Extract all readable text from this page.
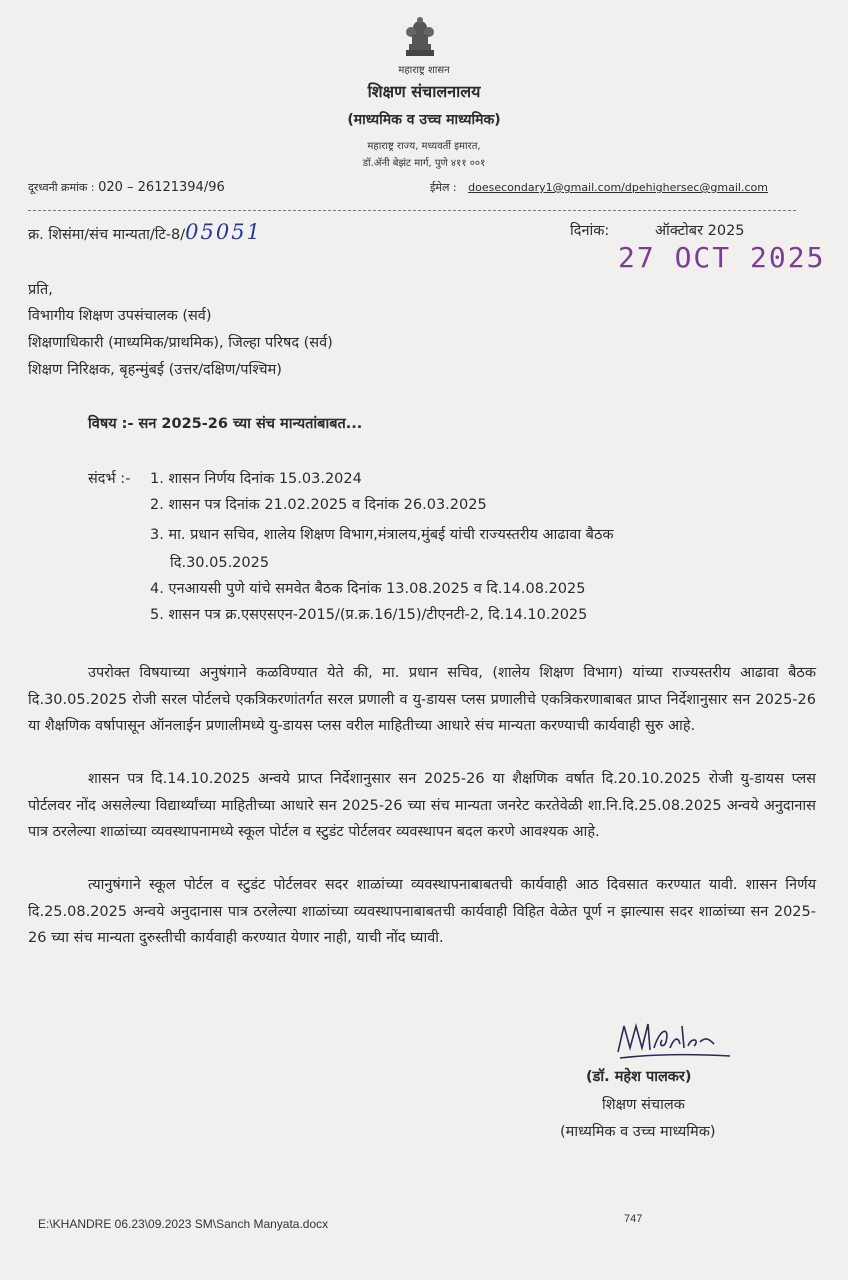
महाराष्ट्र शासन
शिक्षण संचालनालय
(माध्यमिक व उच्च माध्यमिक)
महाराष्ट्र राज्य, मध्यवर्ती इमारत,
डॉ.ॲनी बेझंट मार्ग, पुणे ४११ ००१
दूरध्वनी क्रमांक : 020 – 26121394/96	ईमेल : doesecondary1@gmail.com/dpehighersec@gmail.com
क्र. शिसंमा/संच मान्यता/टि-8/05051	दिनांक:	ऑक्टोबर 2025
27 OCT 2025
प्रति,
विभागीय शिक्षण उपसंचालक (सर्व)
शिक्षणाधिकारी (माध्यमिक/प्राथमिक), जिल्हा परिषद (सर्व)
शिक्षण निरिक्षक, बृहन्मुंबई (उत्तर/दक्षिण/पश्चिम)
विषय :- सन 2025-26 च्या संच मान्यतांबाबत...
संदर्भ :- 1. शासन निर्णय दिनांक 15.03.2024
2. शासन पत्र दिनांक 21.02.2025 व दिनांक 26.03.2025
3. मा. प्रधान सचिव, शालेय शिक्षण विभाग,मंत्रालय,मुंबई यांची राज्यस्तरीय आढावा बैठक
दि.30.05.2025
4. एनआयसी पुणे यांचे समवेत बैठक दिनांक 13.08.2025 व दि.14.08.2025
5. शासन पत्र क्र.एसएसएन-2015/(प्र.क्र.16/15)/टीएनटी-2, दि.14.10.2025
उपरोक्त विषयाच्या अनुषंगाने कळविण्यात येते की, मा. प्रधान सचिव, (शालेय शिक्षण विभाग) यांच्या राज्यस्तरीय आढावा बैठक दि.30.05.2025 रोजी सरल पोर्टलचे एकत्रिकरणांतर्गत सरल प्रणाली व यु-डायस प्लस प्रणालीचे एकत्रिकरणाबाबत प्राप्त निर्देशानुसार सन 2025-26 या शैक्षणिक वर्षापासून ऑनलाईन प्रणालीमध्ये यु-डायस प्लस वरील माहितीच्या आधारे संच मान्यता करण्याची कार्यवाही सुरु आहे.
शासन पत्र दि.14.10.2025 अन्वये प्राप्त निर्देशानुसार सन 2025-26 या शैक्षणिक वर्षात दि.20.10.2025 रोजी यु-डायस प्लस पोर्टलवर नोंद असलेल्या विद्यार्थ्यांच्या माहितीच्या आधारे सन 2025-26 च्या संच मान्यता जनरेट करतेवेळी शा.नि.दि.25.08.2025 अन्वये अनुदानास पात्र ठरलेल्या शाळांच्या व्यवस्थापनामध्ये स्कूल पोर्टल व स्टुडंट पोर्टलवर व्यवस्थापन बदल करणे आवश्यक आहे.
त्यानुषंगाने स्कूल पोर्टल व स्टुडंट पोर्टलवर सदर शाळांच्या व्यवस्थापनाबाबतची कार्यवाही आठ दिवसात करण्यात यावी. शासन निर्णय दि.25.08.2025 अन्वये अनुदानास पात्र ठरलेल्या शाळांच्या व्यवस्थापनाबाबतची कार्यवाही विहित वेळेत पूर्ण न झाल्यास सदर शाळांच्या सन 2025-26 च्या संच मान्यता दुरुस्तीची कार्यवाही करण्यात येणार नाही, याची नोंद घ्यावी.
(डॉ. महेश पालकर)
शिक्षण संचालक
(माध्यमिक व उच्च माध्यमिक)
E:\KHANDRE 06.23\09.2023 SM\Sanch Manyata.docx	747
